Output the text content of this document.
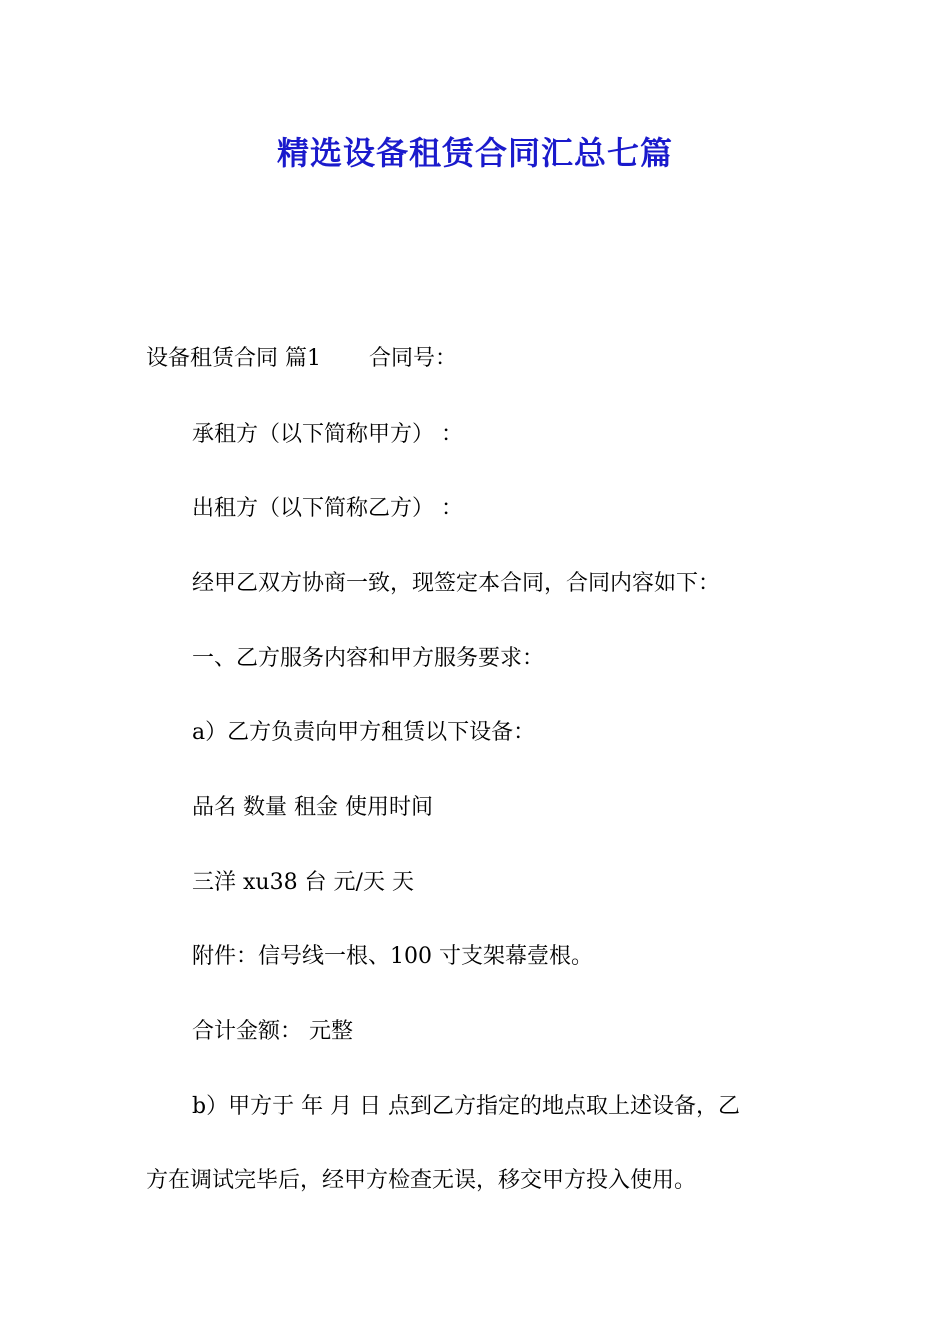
精选设备租赁合同汇总七篇
设备租赁合同 篇1 合同号：
承租方（以下简称甲方） ：
出租方（以下简称乙方） ：
经甲乙双方协商一致，现签定本合同，合同内容如下：
一、乙方服务内容和甲方服务要求：
a）乙方负责向甲方租赁以下设备：
品名 数量 租金 使用时间
三洋 xu38 台 元/天 天
附件：信号线一根、100 寸支架幕壹根。
合计金额： 元整
b）甲方于 年 月 日 点到乙方指定的地点取上述设备，乙
方在调试完毕后，经甲方检查无误，移交甲方投入使用。
